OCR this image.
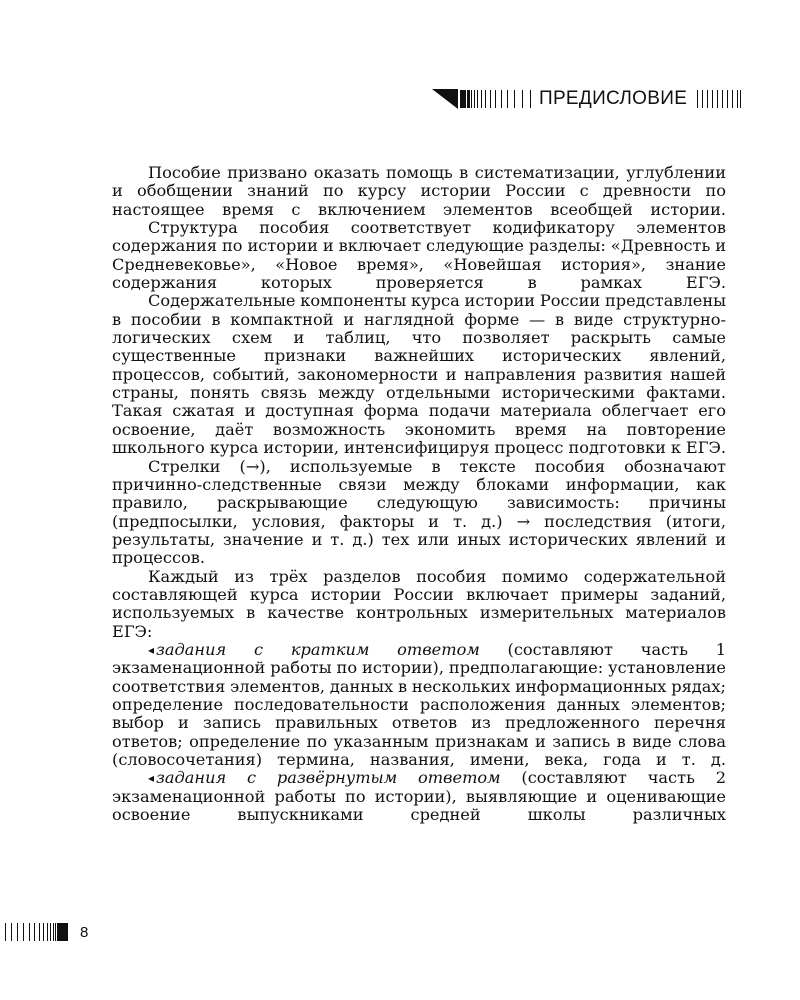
ПРЕДИСЛОВИЕ

Пособие призвано оказать помощь в систематизации, углублении и обобщении знаний по курсу истории России с древности по настоящее время с включением элементов всеобщей истории.

Структура пособия соответствует кодификатору элементов содержания по истории и включает следующие разделы: «Древность и Средневековье», «Новое время», «Новейшая история», знание содержания которых проверяется в рамках ЕГЭ.

Содержательные компоненты курса истории России представлены в пособии в компактной и наглядной форме — в виде структурно-логических схем и таблиц, что позволяет раскрыть самые существенные признаки важнейших исторических явлений, процессов, событий, закономерности и направления развития нашей страны, понять связь между отдельными историческими фактами. Такая сжатая и доступная форма подачи материала облегчает его освоение, даёт возможность экономить время на повторение школьного курса истории, интенсифицируя процесс подготовки к ЕГЭ.

Стрелки (→), используемые в тексте пособия обозначают причинно-следственные связи между блоками информации, как правило, раскрывающие следующую зависимость: причины (предпосылки, условия, факторы и т. д.) → последствия (итоги, результаты, значение и т. д.) тех или иных исторических явлений и процессов.

Каждый из трёх разделов пособия помимо содержательной составляющей курса истории России включает примеры заданий, используемых в качестве контрольных измерительных материалов ЕГЭ:

◂ задания с кратким ответом (составляют часть 1 экзаменационной работы по истории), предполагающие: установление соответствия элементов, данных в нескольких информационных рядах; определение последовательности расположения данных элементов; выбор и запись правильных ответов из предложенного перечня ответов; определение по указанным признакам и запись в виде слова (словосочетания) термина, названия, имени, века, года и т. д.

◂ задания с развёрнутым ответом (составляют часть 2 экзаменационной работы по истории), выявляющие и оценивающие освоение выпускниками средней школы различных

8
